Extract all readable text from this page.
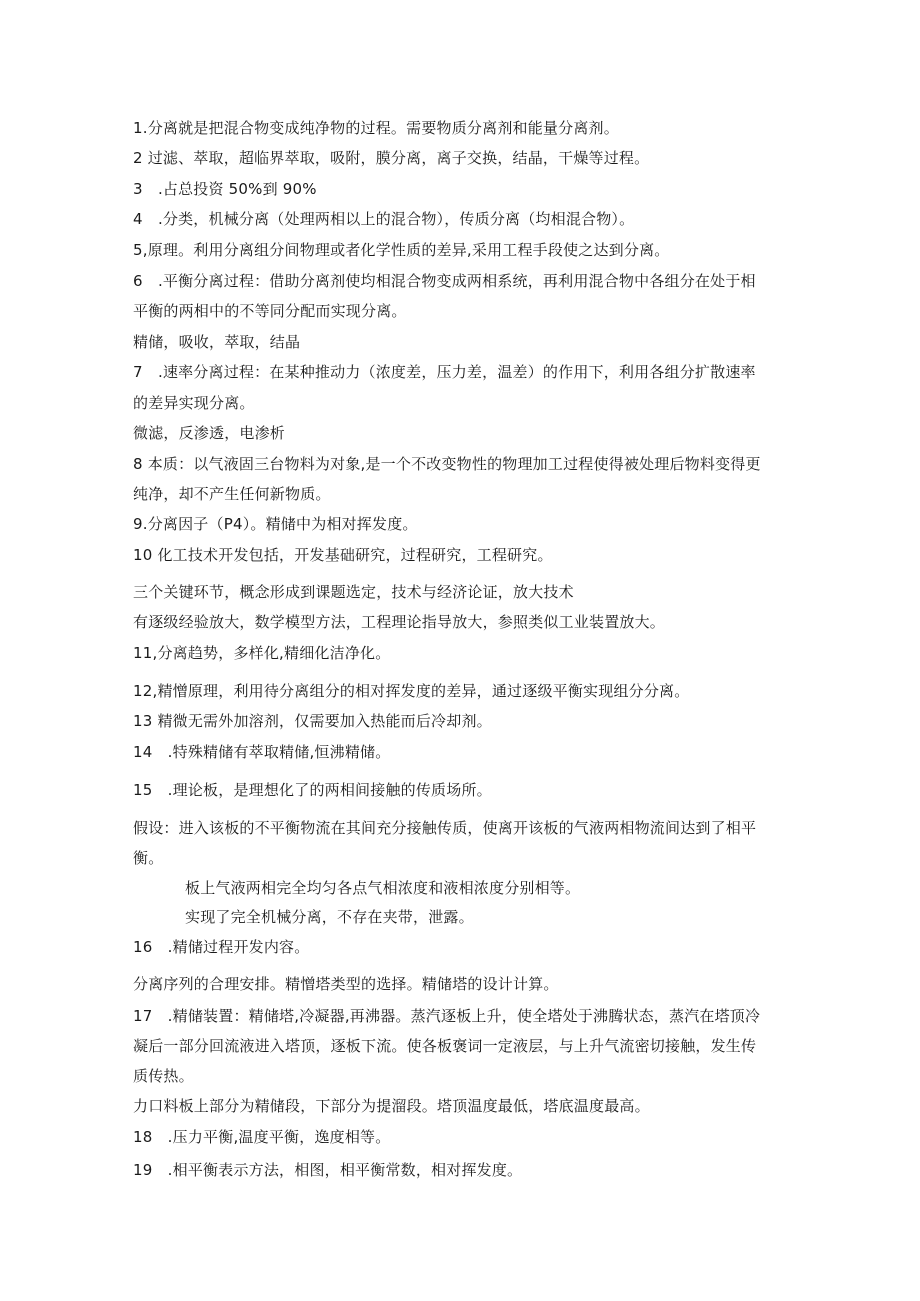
1.分离就是把混合物变成纯净物的过程。需要物质分离剂和能量分离剂。
2 过滤、萃取，超临界萃取，吸附，膜分离，离子交换，结晶，干燥等过程。
3　.占总投资 50%到 90%
4　.分类，机械分离（处理两相以上的混合物），传质分离（均相混合物）。
5,原理。利用分离组分间物理或者化学性质的差异,采用工程手段使之达到分离。
6　.平衡分离过程：借助分离剂使均相混合物变成两相系统，再利用混合物中各组分在处于相
平衡的两相中的不等同分配而实现分离。
精储，吸收，萃取，结晶
7　.速率分离过程：在某种推动力（浓度差，压力差，温差）的作用下，利用各组分扩散速率
的差异实现分离。
微滤，反渗透，电渗析
8 本质：以气液固三台物料为对象,是一个不改变物性的物理加工过程使得被处理后物料变得更
纯净，却不产生任何新物质。
9.分离因子（P4）。精储中为相对挥发度。
10 化工技术开发包括，开发基础研究，过程研究，工程研究。
三个关键环节，概念形成到课题选定，技术与经济论证，放大技术
有逐级经验放大，数学模型方法，工程理论指导放大，参照类似工业装置放大。
11,分离趋势，多样化,精细化洁净化。
12,精憎原理，利用待分离组分的相对挥发度的差异，通过逐级平衡实现组分分离。
13 精微无需外加溶剂，仅需要加入热能而后冷却剂。
14　.特殊精储有萃取精储,恒沸精储。
15　.理论板，是理想化了的两相间接触的传质场所。
假设：进入该板的不平衡物流在其间充分接触传质，使离开该板的气液两相物流间达到了相平
衡。
板上气液两相完全均匀各点气相浓度和液相浓度分别相等。
实现了完全机械分离，不存在夹带，泄露。
16　.精储过程开发内容。
分离序列的合理安排。精憎塔类型的选择。精储塔的设计计算。
17　.精储装置：精储塔,冷凝器,再沸器。蒸汽逐板上升，使全塔处于沸腾状态，蒸汽在塔顶冷
凝后一部分回流液进入塔顶，逐板下流。使各板褒词一定液层，与上升气流密切接触，发生传
质传热。
力口料板上部分为精储段，下部分为提溜段。塔顶温度最低，塔底温度最高。
18　.压力平衡,温度平衡，逸度相等。
19　.相平衡表示方法，相图，相平衡常数，相对挥发度。
